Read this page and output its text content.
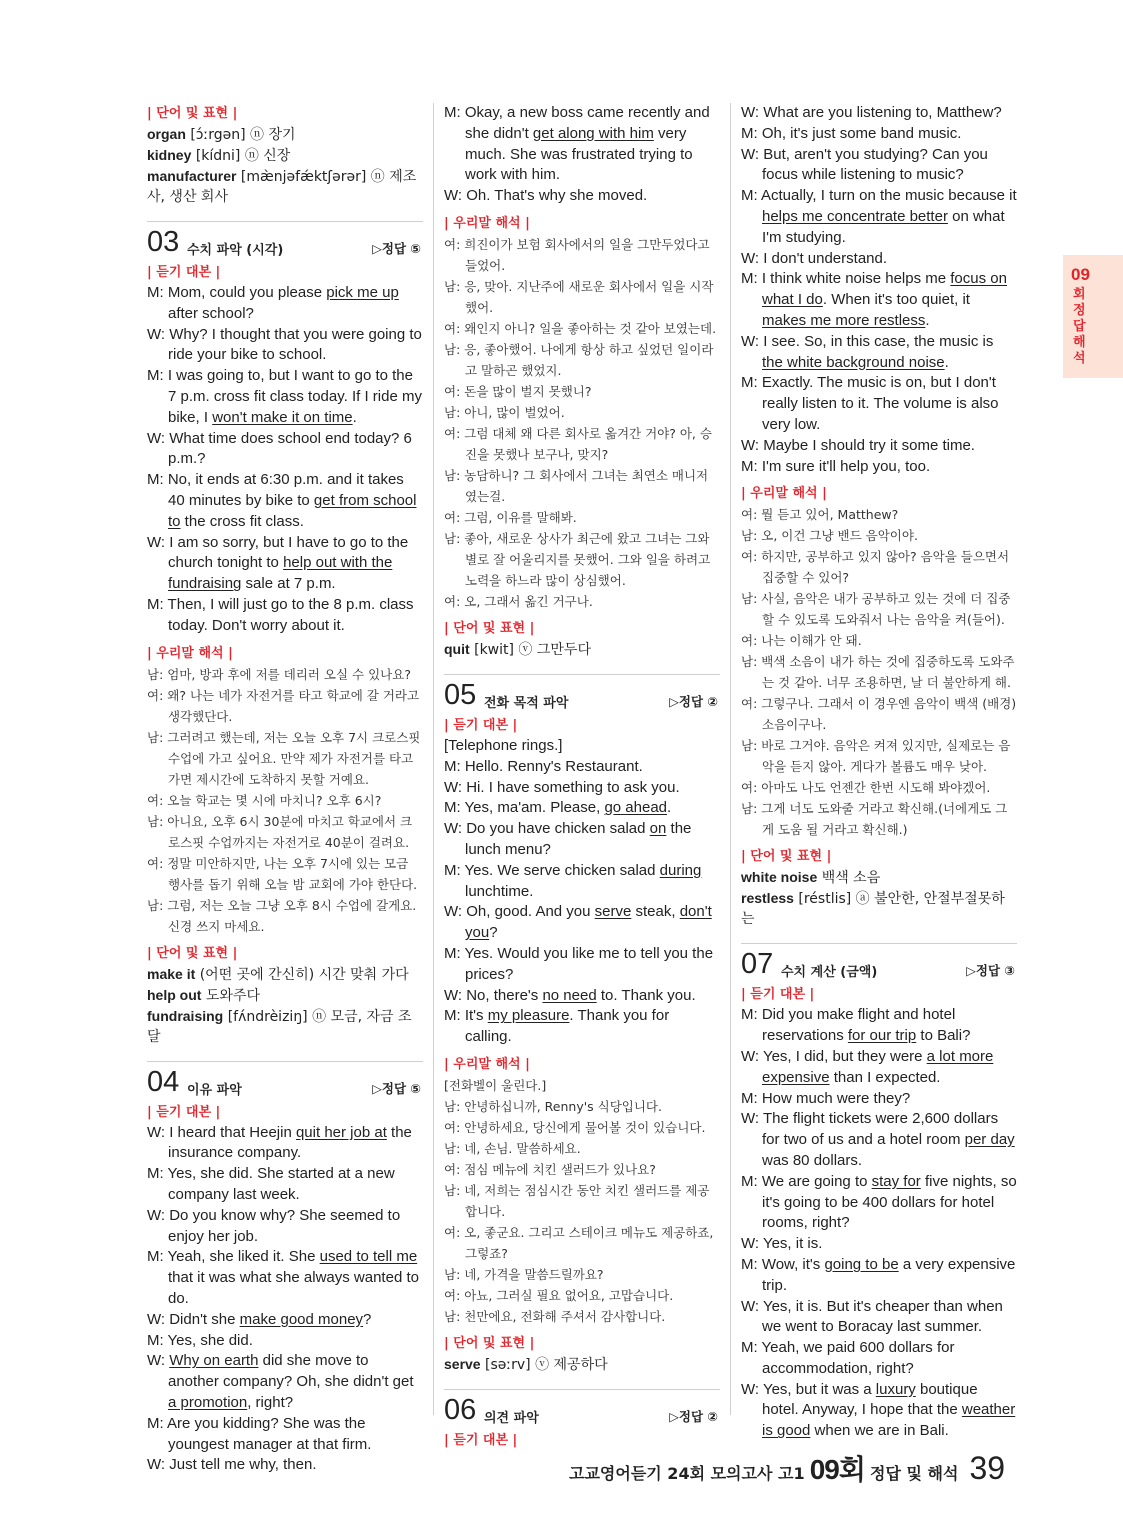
| 단어 및 표현 |
organ [ɔ́ːrgən] ⓝ 장기
kidney [kídni] ⓝ 신장
manufacturer [mæ̀njəfǽktʃərər] ⓝ 제조사, 생산 회사
03 수치 파악 (시각)	▷정답 ⑤
| 듣기 대본 |
M: Mom, could you please pick me up after school?
W: Why? I thought that you were going to ride your bike to school.
M: I was going to, but I want to go to the 7 p.m. cross fit class today. If I ride my bike, I won't make it on time.
W: What time does school end today? 6 p.m.?
M: No, it ends at 6:30 p.m. and it takes 40 minutes by bike to get from school to the cross fit class.
W: I am so sorry, but I have to go to the church tonight to help out with the fundraising sale at 7 p.m.
M: Then, I will just go to the 8 p.m. class today. Don't worry about it.
| 우리말 해석 |
남: 엄마, 방과 후에 저를 데리러 오실 수 있나요?
여: 왜? 나는 네가 자전거를 타고 학교에 갈 거라고 생각했단다.
남: 그러려고 했는데, 저는 오늘 오후 7시 크로스핏 수업에 가고 싶어요. 만약 제가 자전거를 타고 가면 제시간에 도착하지 못할 거예요.
여: 오늘 학교는 몇 시에 마치니? 오후 6시?
남: 아니요, 오후 6시 30분에 마치고 학교에서 크로스핏 수업까지는 자전거로 40분이 걸려요.
여: 정말 미안하지만, 나는 오후 7시에 있는 모금 행사를 돕기 위해 오늘 밤 교회에 가야 한단다.
남: 그럼, 저는 오늘 그냥 오후 8시 수업에 갈게요. 신경 쓰지 마세요.
| 단어 및 표현 |
make it (어떤 곳에 간신히) 시간 맞춰 가다
help out 도와주다
fundraising [fʌ́ndrèiziŋ] ⓝ 모금, 자금 조달
04 이유 파악	▷정답 ⑤
| 듣기 대본 |
W: I heard that Heejin quit her job at the insurance company.
M: Yes, she did. She started at a new company last week.
W: Do you know why? She seemed to enjoy her job.
M: Yeah, she liked it. She used to tell me that it was what she always wanted to do.
W: Didn't she make good money?
M: Yes, she did.
W: Why on earth did she move to another company? Oh, she didn't get a promotion, right?
M: Are you kidding? She was the youngest manager at that firm.
W: Just tell me why, then.
M: Okay, a new boss came recently and she didn't get along with him very much. She was frustrated trying to work with him.
W: Oh. That's why she moved.
| 우리말 해석 |
여: 희진이가 보험 회사에서의 일을 그만두었다고 들었어.
남: 응, 맞아. 지난주에 새로운 회사에서 일을 시작했어.
여: 왜인지 아니? 일을 좋아하는 것 같아 보였는데.
남: 응, 좋아했어. 나에게 항상 하고 싶었던 일이라고 말하곤 했었지.
여: 돈을 많이 벌지 못했니?
남: 아니, 많이 벌었어.
여: 그럼 대체 왜 다른 회사로 옮겨간 거야? 아, 승진을 못했나 보구나, 맞지?
남: 농담하니? 그 회사에서 그녀는 최연소 매니저였는걸.
여: 그럼, 이유를 말해봐.
남: 좋아, 새로운 상사가 최근에 왔고 그녀는 그와 별로 잘 어울리지를 못했어. 그와 일을 하려고 노력을 하느라 많이 상심했어.
여: 오, 그래서 옮긴 거구나.
| 단어 및 표현 |
quit [kwit] ⓥ 그만두다
05 전화 목적 파악	▷정답 ②
| 듣기 대본 |
[Telephone rings.]
M: Hello. Renny's Restaurant.
W: Hi. I have something to ask you.
M: Yes, ma'am. Please, go ahead.
W: Do you have chicken salad on the lunch menu?
M: Yes. We serve chicken salad during lunchtime.
W: Oh, good. And you serve steak, don't you?
M: Yes. Would you like me to tell you the prices?
W: No, there's no need to. Thank you.
M: It's my pleasure. Thank you for calling.
| 우리말 해석 |
[전화벨이 울린다.]
남: 안녕하십니까, Renny's 식당입니다.
여: 안녕하세요, 당신에게 물어볼 것이 있습니다.
남: 네, 손님. 말씀하세요.
여: 점심 메뉴에 치킨 샐러드가 있나요?
남: 네, 저희는 점심시간 동안 치킨 샐러드를 제공합니다.
여: 오, 좋군요. 그리고 스테이크 메뉴도 제공하죠, 그렇죠?
남: 네, 가격을 말씀드릴까요?
여: 아뇨, 그러실 필요 없어요, 고맙습니다.
남: 천만에요, 전화해 주셔서 감사합니다.
| 단어 및 표현 |
serve [səːrv] ⓥ 제공하다
06 의견 파악	▷정답 ②
| 듣기 대본 |
W: What are you listening to, Matthew?
M: Oh, it's just some band music.
W: But, aren't you studying? Can you focus while listening to music?
M: Actually, I turn on the music because it helps me concentrate better on what I'm studying.
W: I don't understand.
M: I think white noise helps me focus on what I do. When it's too quiet, it makes me more restless.
W: I see. So, in this case, the music is the white background noise.
M: Exactly. The music is on, but I don't really listen to it. The volume is also very low.
W: Maybe I should try it some time.
M: I'm sure it'll help you, too.
| 우리말 해석 |
여: 뭘 듣고 있어, Matthew?
남: 오, 이건 그냥 밴드 음악이야.
여: 하지만, 공부하고 있지 않아? 음악을 들으면서 집중할 수 있어?
남: 사실, 음악은 내가 공부하고 있는 것에 더 집중할 수 있도록 도와줘서 나는 음악을 켜(들어).
여: 나는 이해가 안 돼.
남: 백색 소음이 내가 하는 것에 집중하도록 도와주는 것 같아. 너무 조용하면, 날 더 불안하게 해.
여: 그렇구나. 그래서 이 경우엔 음악이 백색 (배경) 소음이구나.
남: 바로 그거야. 음악은 켜져 있지만, 실제로는 음악을 듣지 않아. 게다가 볼륨도 매우 낮아.
여: 아마도 나도 언젠간 한번 시도해 봐야겠어.
남: 그게 너도 도와줄 거라고 확신해.(너에게도 그게 도움 될 거라고 확신해.)
| 단어 및 표현 |
white noise 백색 소음
restless [réstlis] ⓐ 불안한, 안절부절못하는
07 수치 계산 (금액)	▷정답 ③
| 듣기 대본 |
M: Did you make flight and hotel reservations for our trip to Bali?
W: Yes, I did, but they were a lot more expensive than I expected.
M: How much were they?
W: The flight tickets were 2,600 dollars for two of us and a hotel room per day was 80 dollars.
M: We are going to stay for five nights, so it's going to be 400 dollars for hotel rooms, right?
W: Yes, it is.
M: Wow, it's going to be a very expensive trip.
W: Yes, it is. But it's cheaper than when we went to Boracay last summer.
M: Yeah, we paid 600 dollars for accommodation, right?
W: Yes, but it was a luxury boutique hotel. Anyway, I hope that the weather is good when we are in Bali.
09
회정답해석
고교영어듣기 24회 모의고사 고1 09회 정답 및 해석 39
